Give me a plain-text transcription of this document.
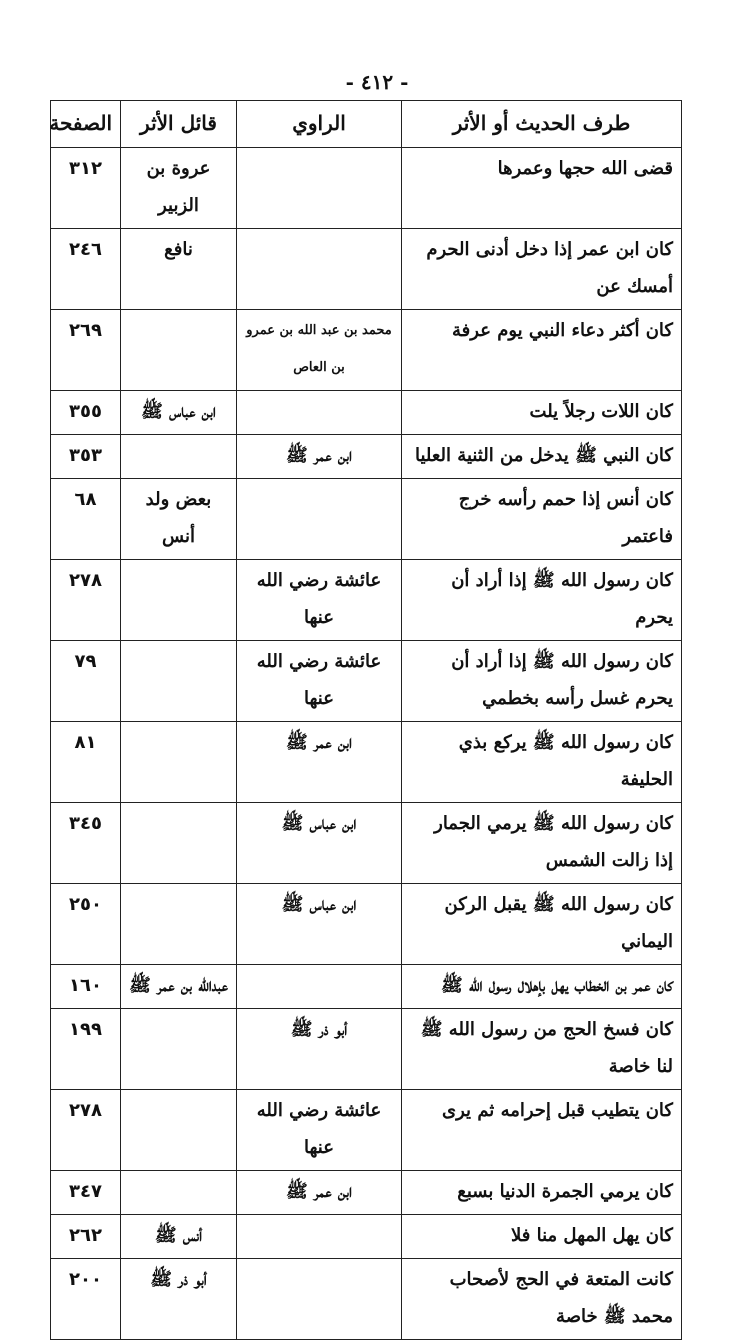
- ٤١٢ -
طرف الحديث أو الأثر	الراوي	قائل الأثر	الصفحة
قضى الله حجها وعمرها		عروة بن الزبير	٣١٢
كان ابن عمر إذا دخل أدنى الحرم أمسك عن		نافع	٢٤٦
كان أكثر دعاء النبي يوم عرفة	محمد بن عبد الله بن عمرو بن العاص		٢٦٩
كان اللات رجلاً يلت		ابن عباس ﷺ	٣٥٥
كان النبي ﷺ يدخل من الثنية العليا	ابن عمر ﷺ		٣٥٣
كان أنس إذا حمم رأسه خرج فاعتمر		بعض ولد أنس	٦٨
كان رسول الله ﷺ إذا أراد أن يحرم	عائشة رضي الله عنها		٢٧٨
كان رسول الله ﷺ إذا أراد أن يحرم غسل رأسه بخطمي	عائشة رضي الله عنها		٧٩
كان رسول الله ﷺ يركع بذي الحليفة	ابن عمر ﷺ		٨١
كان رسول الله ﷺ يرمي الجمار إذا زالت الشمس	ابن عباس ﷺ		٣٤٥
كان رسول الله ﷺ يقبل الركن اليماني	ابن عباس ﷺ		٢٥٠
كان عمر بن الخطاب يهل بإهلال رسول الله ﷺ		عبدالله بن عمر ﷺ	١٦٠
كان فسخ الحج من رسول الله ﷺ لنا خاصة	أبو ذر ﷺ		١٩٩
كان يتطيب قبل إحرامه ثم يرى	عائشة رضي الله عنها		٢٧٨
كان يرمي الجمرة الدنيا بسبع	ابن عمر ﷺ		٣٤٧
كان يهل المهل منا فلا		أنس ﷺ	٢٦٢
كانت المتعة في الحج لأصحاب محمد ﷺ خاصة		أبو ذر ﷺ	٢٠٠
